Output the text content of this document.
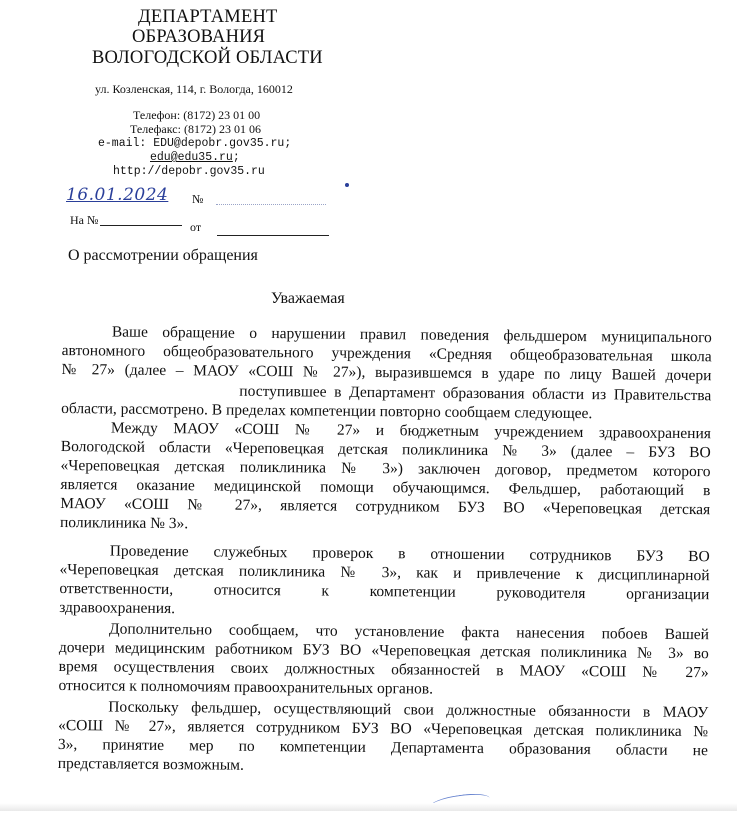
ДЕПАРТАМЕНТ
ОБРАЗОВАНИЯ
ВОЛОГОДСКОЙ ОБЛАСТИ
ул. Козленская, 114, г. Вологда, 160012
Телефон: (8172) 23 01 00
Телефакс: (8172) 23 01 06
e-mail: EDU@depobr.gov35.ru;
edu@edu35.ru;
http://depobr.gov35.ru
16.01.2024 №
На №	от
О рассмотрении обращения
Уважаемая
Ваше обращение о нарушении правил поведения фельдшером муниципального
автономного общеобразовательного учреждения «Средняя общеобразовательная школа
№ 27» (далее – МАОУ «СОШ № 27»), выразившемся в ударе по лицу Вашей дочери
поступившее в Департамент образования области из Правительства
области, рассмотрено. В пределах компетенции повторно сообщаем следующее.
Между МАОУ «СОШ № 27» и бюджетным учреждением здравоохранения
Вологодской области «Череповецкая детская поликлиника № 3» (далее – БУЗ ВО
«Череповецкая детская поликлиника № 3») заключен договор, предметом которого
является оказание медицинской помощи обучающимся. Фельдшер, работающий в
МАОУ «СОШ № 27», является сотрудником БУЗ ВО «Череповецкая детская
поликлиника № 3».
Проведение служебных проверок в отношении сотрудников БУЗ ВО
«Череповецкая детская поликлиника № 3», как и привлечение к дисциплинарной
ответственности, относится к компетенции руководителя организации
здравоохранения.
Дополнительно сообщаем, что установление факта нанесения побоев Вашей
дочери медицинским работником БУЗ ВО «Череповецкая детская поликлиника № 3» во
время осуществления своих должностных обязанностей в МАОУ «СОШ № 27»
относится к полномочиям правоохранительных органов.
Поскольку фельдшер, осуществляющий свои должностные обязанности в МАОУ
«СОШ № 27», является сотрудником БУЗ ВО «Череповецкая детская поликлиника №
3», принятие мер по компетенции Департамента образования области не
представляется возможным.
